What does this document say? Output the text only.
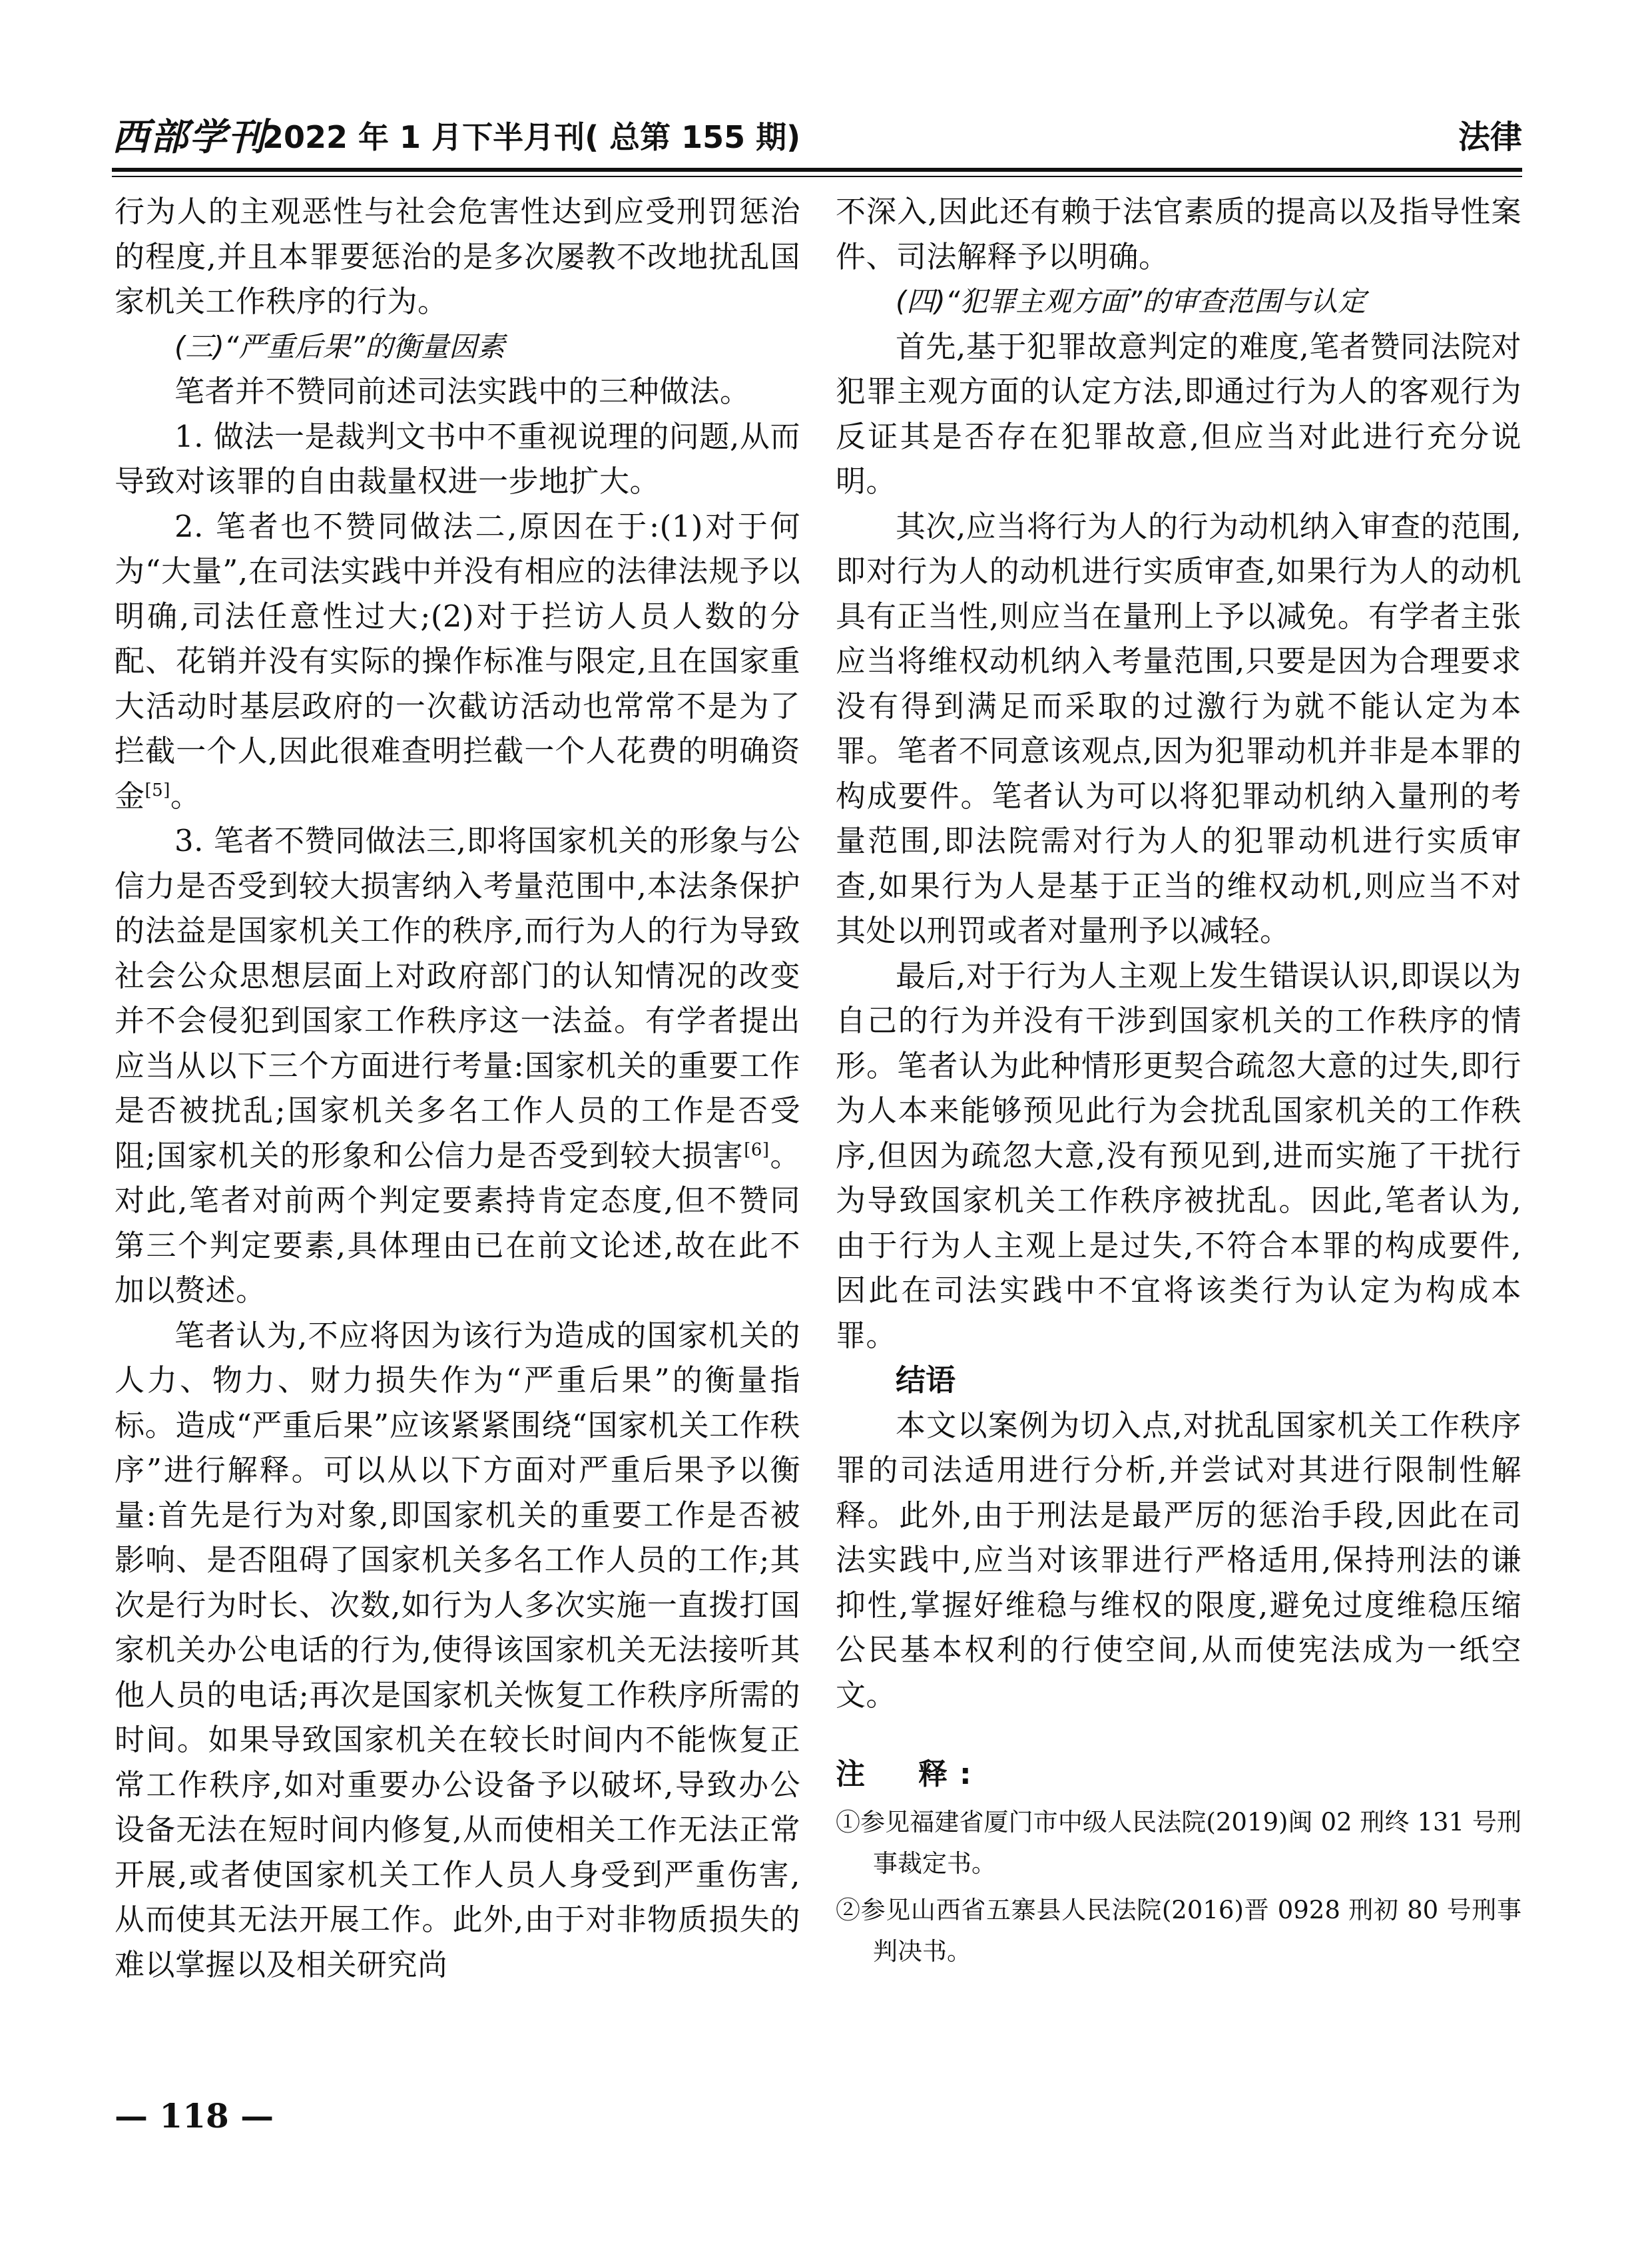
西部学刊
2022 年 1 月下半月刊( 总第 155 期)	法律

行为人的主观恶性与社会危害性达到应受刑罚惩治的程度,并且本罪要惩治的是多次屡教不改地扰乱国家机关工作秩序的行为。

(三)“严重后果”的衡量因素

笔者并不赞同前述司法实践中的三种做法。

1. 做法一是裁判文书中不重视说理的问题,从而导致对该罪的自由裁量权进一步地扩大。

2. 笔者也不赞同做法二,原因在于:(1)对于何为“大量”,在司法实践中并没有相应的法律法规予以明确,司法任意性过大;(2)对于拦访人员人数的分配、花销并没有实际的操作标准与限定,且在国家重大活动时基层政府的一次截访活动也常常不是为了拦截一个人,因此很难查明拦截一个人花费的明确资金[5]。

3. 笔者不赞同做法三,即将国家机关的形象与公信力是否受到较大损害纳入考量范围中,本法条保护的法益是国家机关工作的秩序,而行为人的行为导致社会公众思想层面上对政府部门的认知情况的改变并不会侵犯到国家工作秩序这一法益。有学者提出应当从以下三个方面进行考量:国家机关的重要工作是否被扰乱;国家机关多名工作人员的工作是否受阻;国家机关的形象和公信力是否受到较大损害[6]。对此,笔者对前两个判定要素持肯定态度,但不赞同第三个判定要素,具体理由已在前文论述,故在此不加以赘述。

笔者认为,不应将因为该行为造成的国家机关的人力、物力、财力损失作为“严重后果”的衡量指标。造成“严重后果”应该紧紧围绕“国家机关工作秩序”进行解释。可以从以下方面对严重后果予以衡量:首先是行为对象,即国家机关的重要工作是否被影响、是否阻碍了国家机关多名工作人员的工作;其次是行为时长、次数,如行为人多次实施一直拨打国家机关办公电话的行为,使得该国家机关无法接听其他人员的电话;再次是国家机关恢复工作秩序所需的时间。如果导致国家机关在较长时间内不能恢复正常工作秩序,如对重要办公设备予以破坏,导致办公设备无法在短时间内修复,从而使相关工作无法正常开展,或者使国家机关工作人员人身受到严重伤害,从而使其无法开展工作。此外,由于对非物质损失的难以掌握以及相关研究尚

不深入,因此还有赖于法官素质的提高以及指导性案件、司法解释予以明确。

(四)“犯罪主观方面”的审查范围与认定

首先,基于犯罪故意判定的难度,笔者赞同法院对犯罪主观方面的认定方法,即通过行为人的客观行为反证其是否存在犯罪故意,但应当对此进行充分说明。

其次,应当将行为人的行为动机纳入审查的范围,即对行为人的动机进行实质审查,如果行为人的动机具有正当性,则应当在量刑上予以减免。有学者主张应当将维权动机纳入考量范围,只要是因为合理要求没有得到满足而采取的过激行为就不能认定为本罪。笔者不同意该观点,因为犯罪动机并非是本罪的构成要件。笔者认为可以将犯罪动机纳入量刑的考量范围,即法院需对行为人的犯罪动机进行实质审查,如果行为人是基于正当的维权动机,则应当不对其处以刑罚或者对量刑予以减轻。

最后,对于行为人主观上发生错误认识,即误以为自己的行为并没有干涉到国家机关的工作秩序的情形。笔者认为此种情形更契合疏忽大意的过失,即行为人本来能够预见此行为会扰乱国家机关的工作秩序,但因为疏忽大意,没有预见到,进而实施了干扰行为导致国家机关工作秩序被扰乱。因此,笔者认为,由于行为人主观上是过失,不符合本罪的构成要件,因此在司法实践中不宜将该类行为认定为构成本罪。

结语

本文以案例为切入点,对扰乱国家机关工作秩序罪的司法适用进行分析,并尝试对其进行限制性解释。此外,由于刑法是最严厉的惩治手段,因此在司法实践中,应当对该罪进行严格适用,保持刑法的谦抑性,掌握好维稳与维权的限度,避免过度维稳压缩公民基本权利的行使空间,从而使宪法成为一纸空文。

注　释:

①参见福建省厦门市中级人民法院(2019)闽 02 刑终 131 号刑事裁定书。

②参见山西省五寨县人民法院(2016)晋 0928 刑初 80 号刑事判决书。

— 118 —
